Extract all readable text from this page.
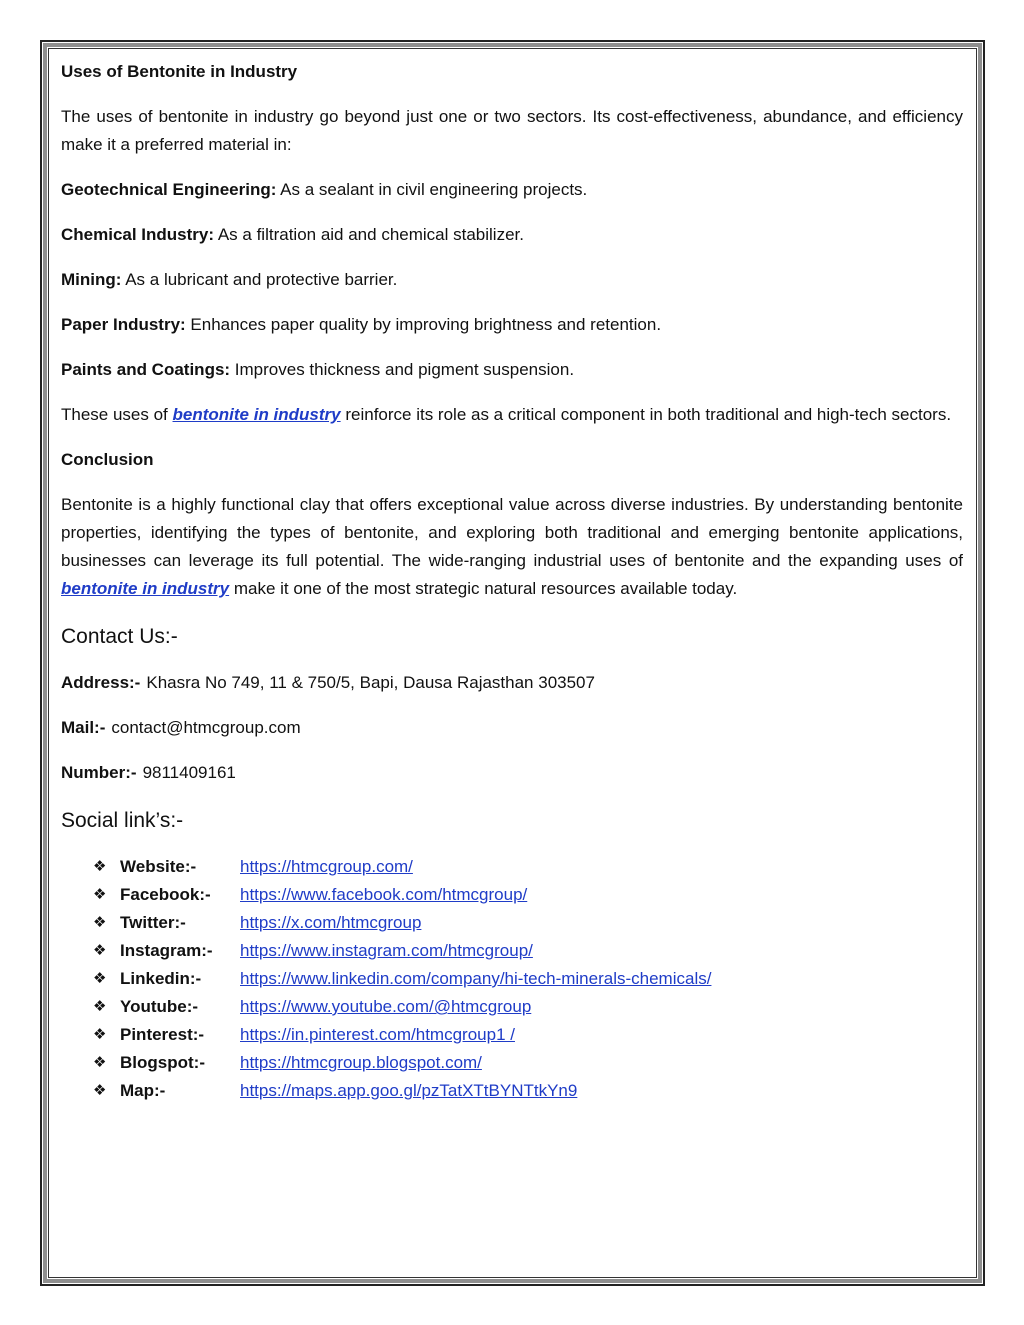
Uses of Bentonite in Industry

The uses of bentonite in industry go beyond just one or two sectors. Its cost-effectiveness, abundance, and efficiency make it a preferred material in:

Geotechnical Engineering: As a sealant in civil engineering projects.

Chemical Industry: As a filtration aid and chemical stabilizer.

Mining: As a lubricant and protective barrier.

Paper Industry: Enhances paper quality by improving brightness and retention.

Paints and Coatings: Improves thickness and pigment suspension.

These uses of bentonite in industry reinforce its role as a critical component in both traditional and high-tech sectors.

Conclusion

Bentonite is a highly functional clay that offers exceptional value across diverse industries. By understanding bentonite properties, identifying the types of bentonite, and exploring both traditional and emerging bentonite applications, businesses can leverage its full potential. The wide-ranging industrial uses of bentonite and the expanding uses of bentonite in industry make it one of the most strategic natural resources available today.

Contact Us:-

Address:- Khasra No 749, 11 & 750/5, Bapi, Dausa Rajasthan 303507

Mail:- contact@htmcgroup.com

Number:- 9811409161

Social link’s:-

❖ Website:-	https://htmcgroup.com/
❖ Facebook:-	https://www.facebook.com/htmcgroup/
❖ Twitter:-	https://x.com/htmcgroup
❖ Instagram:-	https://www.instagram.com/htmcgroup/
❖ Linkedin:-	https://www.linkedin.com/company/hi-tech-minerals-chemicals/
❖ Youtube:-	https://www.youtube.com/@htmcgroup
❖ Pinterest:-	https://in.pinterest.com/htmcgroup1 /
❖ Blogspot:-	https://htmcgroup.blogspot.com/
❖ Map:-	https://maps.app.goo.gl/pzTatXTtBYNTtkYn9
